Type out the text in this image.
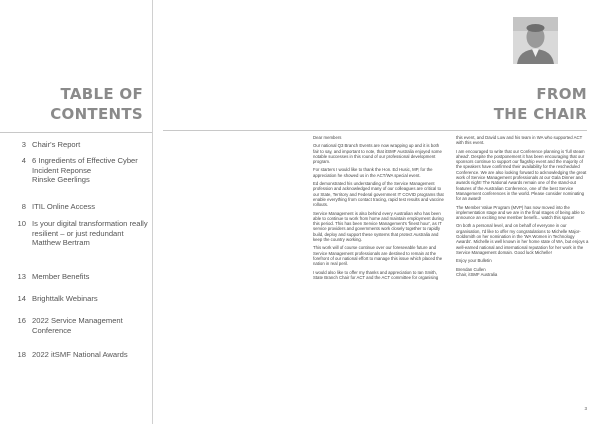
TABLE OF
CONTENTS
3 Chair's Report
4 6 Ingredients of Effective Cyber Incident Reponse
Rinske Geerlings
8 ITIL Online Access
10 Is your digital transformation really resilient – or just redundant
Matthew Bertram
13 Member Benefits
14 Brighttalk Webinars
16 2022 Service Management Conference
18 2022 itSMF National Awards
FROM
THE CHAIR

Dear members

Our national Q3 Branch Events are now wrapping up and it is both fair to say, and important to note, that itSMF Australia enjoyed some notable successes in this round of our professional development program.

For starters I would like to thank the Hon. Ed Husic, MP, for the appreciation he showed us in the ACT/WA special event.

Ed demonstrated his understanding of the Service Management profession and acknowledged many of our colleagues are critical to our State, Territory and Federal government IT COVID programs that enable everything from contact tracing, rapid test results and vaccine rollouts.

Service Management is also behind every Australian who has been able to continue to work from home and maintain employment during this period. This has been Service Management's 'finest hour', as IT service providers and governments work closely together to rapidly build, deploy and support these systems that protect Australia and keep the country working.

This work will of course continue over our foreseeable future and Service Management professionals are destined to remain at the forefront of our national effort to manage this issue which placed the nation in real peril.

I would also like to offer my thanks and appreciation to Ian Smith, State Branch Chair for ACT and the ACT committee for organising this event, and David Low and his team in WA who supported ACT with this event.

I am encouraged to write that our Conference planning is 'full steam ahead'. Despite the postponement it has been encouraging that our sponsors continue to support our flagship event and the majority of the speakers have confirmed their availability for the rescheduled Conference. We are also looking forward to acknowledging the great work of Service Management professionals at our Gala Dinner and awards night! The National Awards remain one of the stand-out features of the Australian Conference, one of the best Service Management conferences in the world. Please consider nominating for an award!

The Member Value Program (MVP) has now moved into the implementation stage and we are in the final stages of being able to announce an exciting new member benefit... watch this space!

On both a personal level, and on behalf of everyone in our organisation, I'd like to offer my congratulations to Michelle Major-Goldsmith on her nomination in the 'WA Women in Technology Awards'. Michelle is well known in her home state of WA, but enjoys a well-earned national and international reputation for her work in the Service Management domain. Good luck Michelle!

Enjoy your Bulletin

Brendan Cullen
Chair, itSMF Australia

3
